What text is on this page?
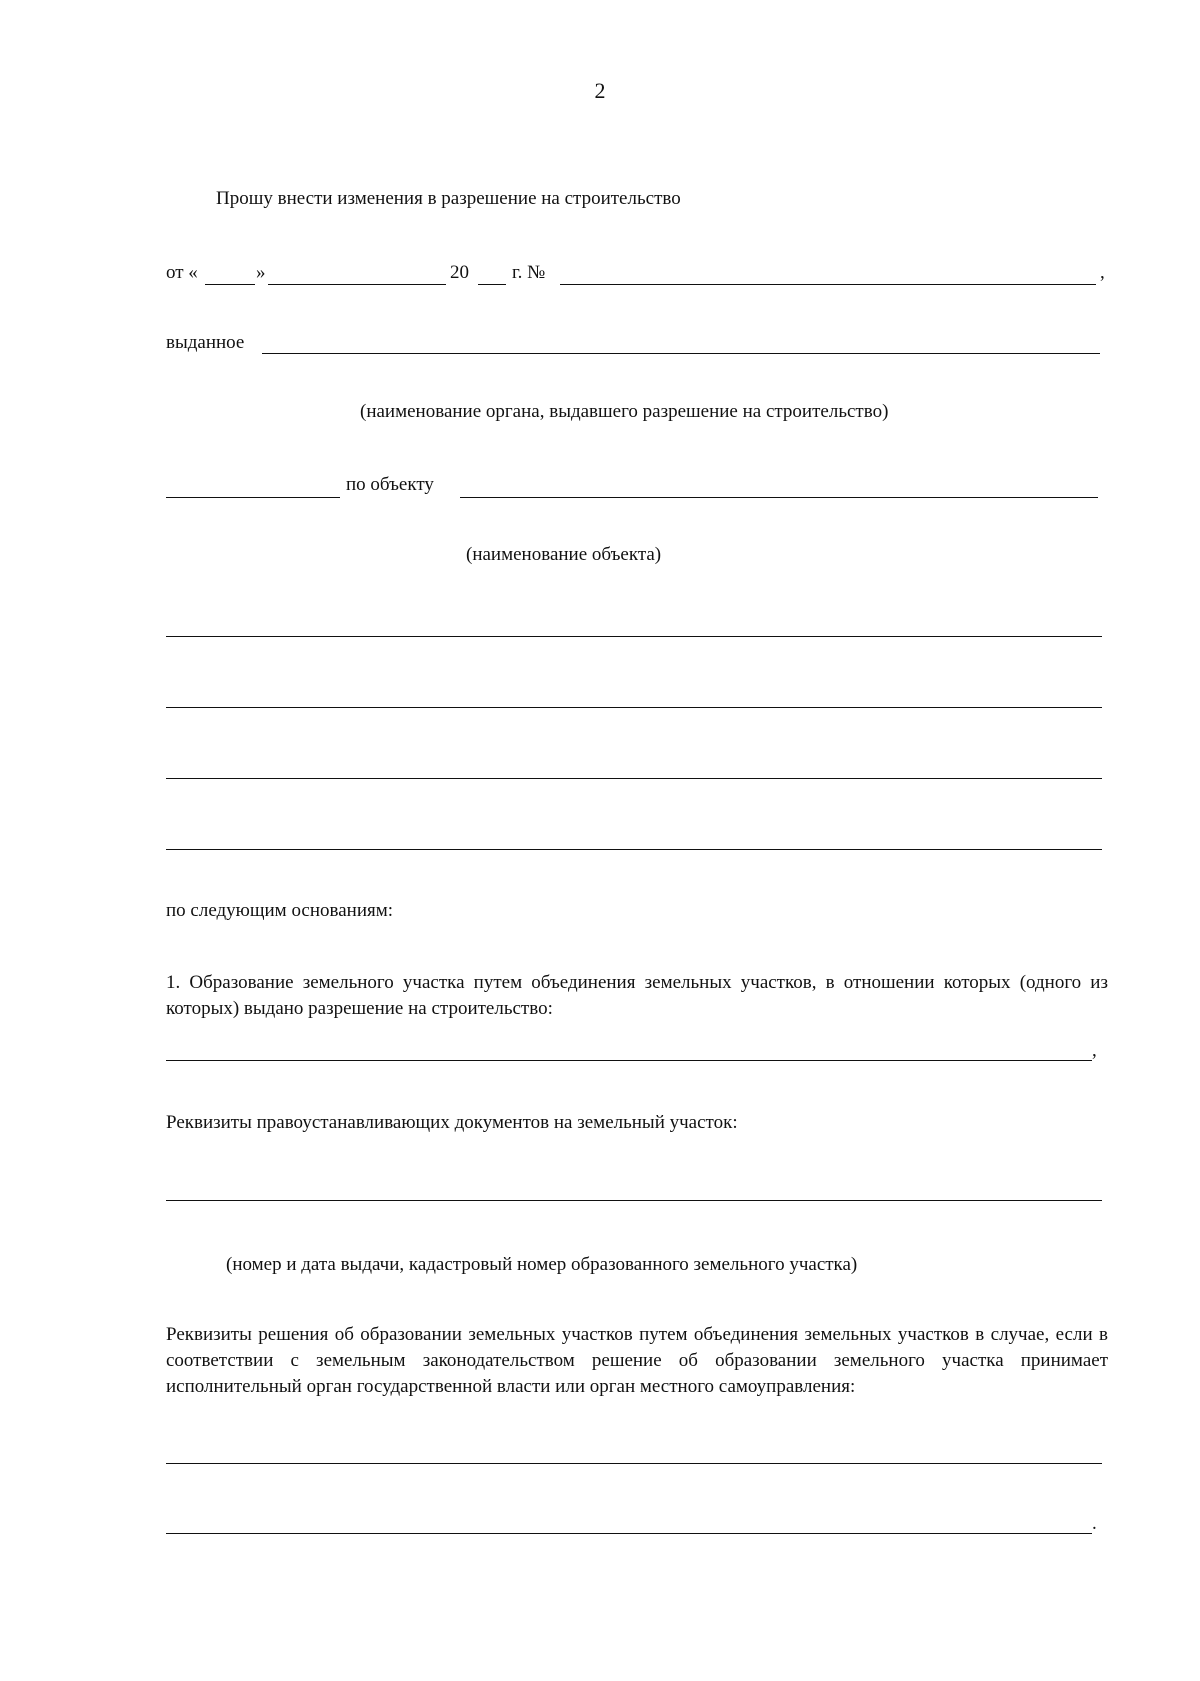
2
Прошу внести изменения в разрешение на строительство
от «	»	20 г. №	,
выданное
(наименование органа, выдавшего разрешение на строительство)
по объекту
(наименование объекта)
по следующим основаниям:
1. Образование земельного участка путем объединения земельных участков, в отношении которых (одного из которых) выдано разрешение на строительство:
,
Реквизиты правоустанавливающих документов на земельный участок:
(номер и дата выдачи, кадастровый номер образованного земельного участка)
Реквизиты решения об образовании земельных участков путем объединения земельных участков в случае, если в соответствии с земельным законодательством решение об образовании земельного участка принимает исполнительный орган государственной власти или орган местного самоуправления:
.
